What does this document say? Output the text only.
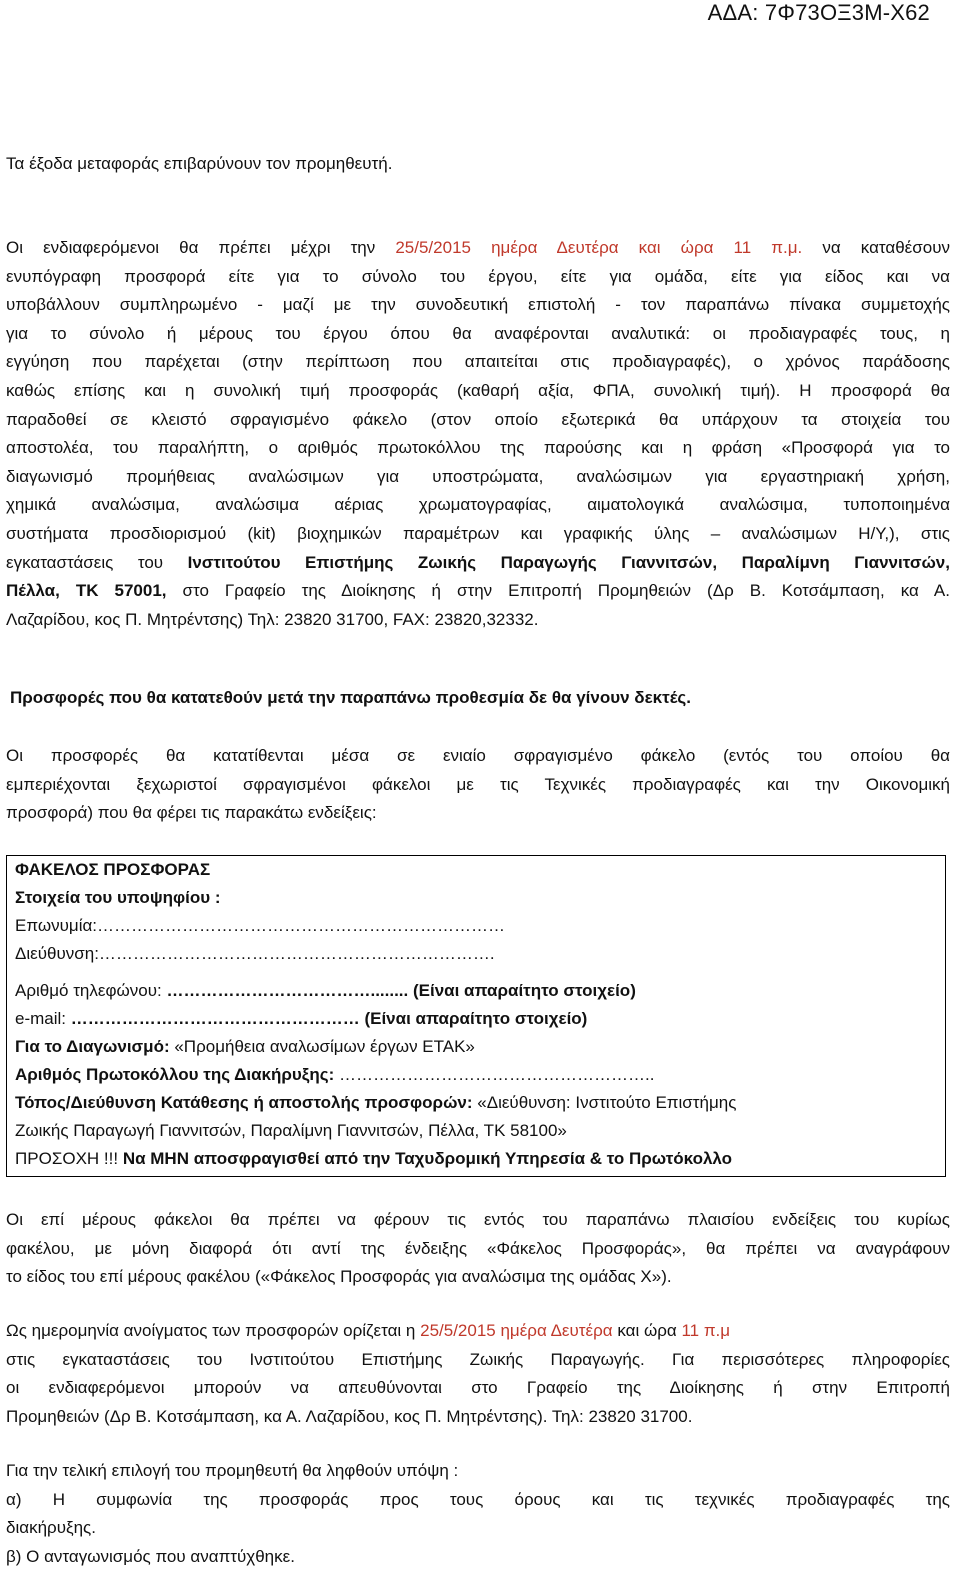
ΑΔΑ: 7Φ73ΟΞ3Μ-Χ62

Τα έξοδα μεταφοράς επιβαρύνουν τον προμηθευτή.

Οι ενδιαφερόμενοι θα πρέπει μέχρι την 25/5/2015 ημέρα Δευτέρα και ώρα 11 π.μ. να καταθέσουν
ενυπόγραφη προσφορά είτε για το σύνολο του έργου, είτε για ομάδα, είτε για είδος και να
υποβάλλουν συμπληρωμένο - μαζί με την συνοδευτική επιστολή - τον παραπάνω πίνακα συμμετοχής
για το σύνολο ή μέρους του έργου όπου θα αναφέρονται αναλυτικά: οι προδιαγραφές τους, η
εγγύηση που παρέχεται (στην περίπτωση που απαιτείται στις προδιαγραφές), ο χρόνος παράδοσης
καθώς επίσης και η συνολική τιμή προσφοράς (καθαρή αξία, ΦΠΑ, συνολική τιμή). Η προσφορά θα
παραδοθεί σε κλειστό σφραγισμένο φάκελο (στον οποίο εξωτερικά θα υπάρχουν τα στοιχεία του
αποστολέα, του παραλήπτη, ο αριθμός πρωτοκόλλου της παρούσης και η φράση «Προσφορά για το
διαγωνισμό προμήθειας αναλώσιμων για υποστρώματα, αναλώσιμων για εργαστηριακή χρήση,
χημικά αναλώσιμα, αναλώσιμα αέριας χρωματογραφίας, αιματολογικά αναλώσιμα, τυποποιημένα
συστήματα προσδιορισμού (kit) βιοχημικών παραμέτρων και γραφικής ύλης – αναλώσιμων Η/Υ,), στις
εγκαταστάσεις του Ινστιτούτου Επιστήμης Ζωικής Παραγωγής Γιαννιτσών, Παραλίμνη Γιαννιτσών,
Πέλλα, ΤΚ 57001, στο Γραφείο της Διοίκησης ή στην Επιτροπή Προμηθειών (Δρ Β. Κοτσάμπαση, κα Α.
Λαζαρίδου, κος Π. Μητρέντσης) Τηλ: 23820 31700, FAX: 23820,32332.

Προσφορές που θα κατατεθούν μετά την παραπάνω προθεσμία δε θα γίνουν δεκτές.

Οι προσφορές θα κατατίθενται μέσα σε ενιαίο σφραγισμένο φάκελο (εντός του οποίου θα
εμπεριέχονται ξεχωριστοί σφραγισμένοι φάκελοι με τις Τεχνικές προδιαγραφές και την Οικονομική
προσφορά) που θα φέρει τις παρακάτω ενδείξεις:
ΦΑΚΕΛΟΣ ΠΡΟΣΦΟΡΑΣ
Στοιχεία του υποψηφίου :
Επωνυμία:………………………………………………………………
Διεύθυνση:…………………………………………………………….
Αριθμό τηλεφώνου: ………………………………........ (Είναι απαραίτητο στοιχείο)
e-mail: …………………………………………… (Είναι απαραίτητο στοιχείο)
Για το Διαγωνισμό: «Προμήθεια αναλωσίμων έργων ΕΤΑΚ»
Αριθμός Πρωτοκόλλου της Διακήρυξης: ………………………………………………..
Τόπος/Διεύθυνση Κατάθεσης ή αποστολής προσφορών: «Διεύθυνση: Ινστιτούτο Επιστήμης
Ζωικής Παραγωγή Γιαννιτσών, Παραλίμνη Γιαννιτσών, Πέλλα, ΤΚ 58100»
ΠΡΟΣΟΧΗ !!! Να ΜΗΝ αποσφραγισθεί από την Ταχυδρομική Υπηρεσία & το Πρωτόκολλο
Οι επί μέρους φάκελοι θα πρέπει να φέρουν τις εντός του παραπάνω πλαισίου ενδείξεις του κυρίως
φακέλου, με μόνη διαφορά ότι αντί της ένδειξης «Φάκελος Προσφοράς», θα πρέπει να αναγράφουν
το είδος του επί μέρους φακέλου («Φάκελος Προσφοράς για αναλώσιμα της ομάδας Χ»).
Ως ημερομηνία ανοίγματος των προσφορών ορίζεται η 25/5/2015 ημέρα Δευτέρα και ώρα 11 π.μ
στις εγκαταστάσεις του Ινστιτούτου Επιστήμης Ζωικής Παραγωγής. Για περισσότερες πληροφορίες
οι ενδιαφερόμενοι μπορούν να απευθύνονται στο Γραφείο της Διοίκησης ή στην Επιτροπή
Προμηθειών (Δρ Β. Κοτσάμπαση, κα Α. Λαζαρίδου, κος Π. Μητρέντσης). Τηλ: 23820 31700.
Για την τελική επιλογή του προμηθευτή θα ληφθούν υπόψη :
α) Η συμφωνία της προσφοράς προς τους όρους και τις τεχνικές προδιαγραφές της
διακήρυξης.
β) Ο ανταγωνισμός που αναπτύχθηκε.
